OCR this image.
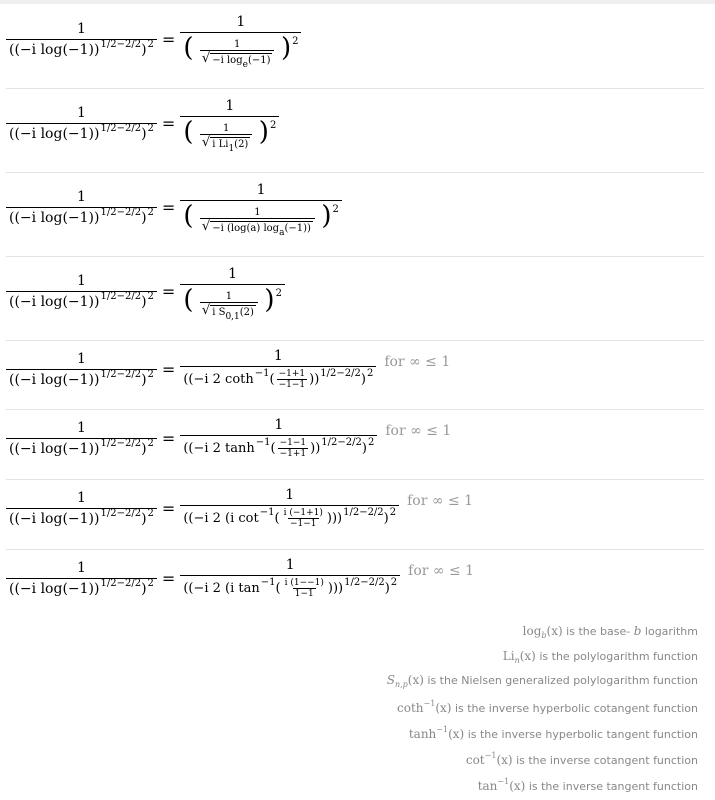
$\frac{1}{((-i \log(-1))^{1/2-2/2})^2} = \frac{1}{( \frac{1}{\text{√ −i loge(−1)}} )^2}$
$\frac{1}{((-i \log(-1))^{1/2-2/2})^2} = \frac{1}{( \frac{1}{\text{√ i Li1(2)}} )^2}$
$\frac{1}{((-i \log(-1))^{1/2-2/2})^2} = \frac{1}{( \frac{1}{√ -i (\log(a) \log a(-1))} )^2}$
$\frac{1}{((-i \log(-1))^{1/2-2/2})^2} = \frac{1}{( \frac{1}{\text{√ i S0,1(2)}} )^2}$
$\frac{1}{((-i \log(-1))^{1/2-2/2})^2} = \frac{1}{((-i 2 \cot h^{-1}( \frac{-1+1}{-1-1} ))^{1/2-2/2})^2}$ for ∞ ≤ 1
$\frac{1}{((-i \log(-1))^{1/2-2/2})^2} = \frac{1}{((-i 2 \tanh^{-1}( \frac{-1-1}{-1+1} ))^{1/2-2/2})^2}$ for ∞ ≤ 1
$\frac{1}{((-i \log(-1))^{1/2-2/2})^2} = \frac{1}{((-i 2 (i \cot^{-1}( \frac{i (-1+1)}{-1-1} )))^{1/2-2/2})^2}$ for ∞ ≤ 1
$\frac{1}{((-i \log(-1))^{1/2-2/2})^2} = \frac{1}{((-i 2 (i \tan^{-1}( \frac{i (1--1)}{1-1} )))^{1/2-2/2})^2}$ for ∞ ≤ 1
$\log_b(x)$ is the base- b logarithm
$Li_n(x)$ is the polylogarithm function
$S_{n,p}(x)$ is the Nielsen generalized polylogarithm function
coth$^{-1}$(x) is the inverse hyperbolic cotangent function
$\tanh^{-1}(x)$ is the inverse hyperbolic tangent function
$\cot^{-1}(x)$ is the inverse cotangent function
$\tan^{-1}(x)$ is the inverse tangent function
